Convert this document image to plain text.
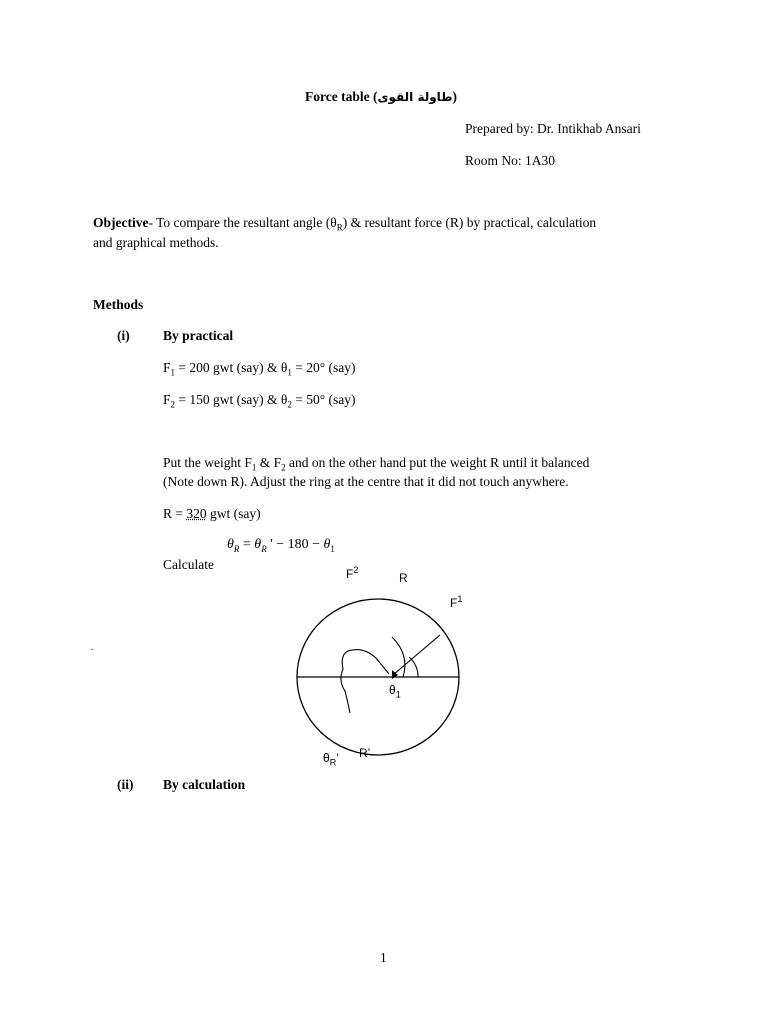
Force table (طاولة القوى)
Prepared by: Dr. Intikhab Ansari
Room No: 1A30
Objective- To compare the resultant angle $(\theta_R)$ & resultant force (R) by practical, calculation
and graphical methods.
Methods
(i) By practical
$F_1 = 200$ gwt (say) & $\theta_1 = 20^\circ$ (say)
$F_2 = 150$ gwt (say) & $\theta_2 = 50^\circ$ (say)
Put the weight $F_1$ & $F_2$ and on the other hand put the weight R until it balanced
(Note down R). Adjust the ring at the centre that it did not touch anywhere.
R = 320 gwt (say)
$\theta_R = \theta_R$ ' − $180 - \theta_1$
Calculate
$F^2$
R
$F^1$
$\theta_1$
R’
$\theta_R$’
.
(ii) By calculation
1
